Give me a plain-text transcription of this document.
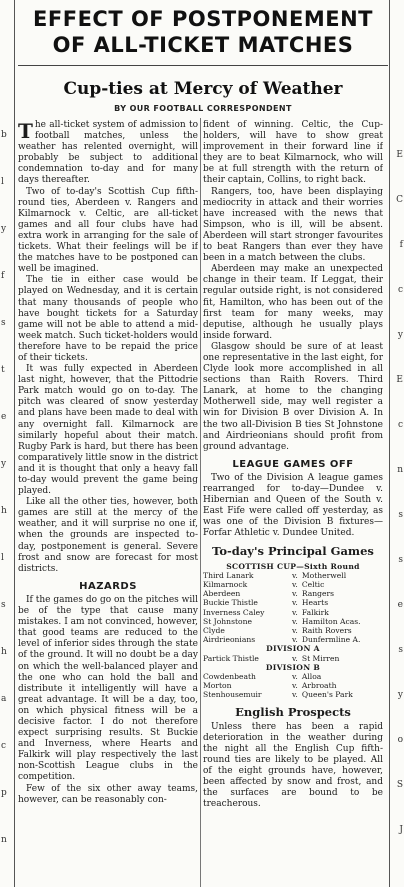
EFFECT OF POSTPONEMENT
OF ALL-TICKET MATCHES
Cup-ties at Mercy of Weather
BY OUR FOOTBALL CORRESPONDENT

The all-ticket system of admission to football matches, unless the weather has relented overnight, will probably be subject to additional condemnation to-day and for many days thereafter.

Two of to-day's Scottish Cup fifth-round ties, Aberdeen v. Rangers and Kilmarnock v. Celtic, are all-ticket games and all four clubs have had extra work in arranging for the sale of tickets. What their feelings will be if the matches have to be postponed can well be imagined.

The tie in either case would be played on Wednesday, and it is certain that many thousands of people who have bought tickets for a Saturday game will not be able to attend a mid-week match. Such ticket-holders would therefore have to be repaid the price of their tickets.

It was fully expected in Aberdeen last night, however, that the Pittodrie Park match would go on to-day. The pitch was cleared of snow yesterday and plans have been made to deal with any overnight fall. Kilmarnock are similarly hopeful about their match. Rugby Park is hard, but there has been comparatively little snow in the district and it is thought that only a heavy fall to-day would prevent the game being played.

Like all the other ties, however, both games are still at the mercy of the weather, and it will surprise no one if, when the grounds are inspected to-day, postponement is general. Severe frost and snow are forecast for most districts.

HAZARDS

If the games do go on the pitches will be of the type that cause many mistakes. I am not convinced, however, that good teams are reduced to the level of inferior sides through the state of the ground. It will no doubt be a day on which the well-balanced player and the one who can hold the ball and distribute it intelligently will have a great advantage. It will be a day, too, on which physical fitness will be a decisive factor. I do not therefore expect surprising results. St Buckie and Inverness, where Hearts and Falkirk will play respectively the last non-Scottish League clubs in the competition.

Few of the six other away teams, however, can be reasonably con-

fident of winning. Celtic, the Cup-holders, will have to show great improvement in their forward line if they are to beat Kilmarnock, who will be at full strength with the return of their captain, Collins, to right back.

Rangers, too, have been displaying mediocrity in attack and their worries have increased with the news that Simpson, who is ill, will be absent. Aberdeen will start stronger favourites to beat Rangers than ever they have been in a match between the clubs.

Aberdeen may make an unexpected change in their team. If Leggat, their regular outside right, is not considered fit, Hamilton, who has been out of the first team for many weeks, may deputise, although he usually plays inside forward.

Glasgow should be sure of at least one representative in the last eight, for Clyde look more accomplished in all sections than Raith Rovers. Third Lanark, at home to the changing Motherwell side, may well register a win for Division B over Division A. In the two all-Division B ties St Johnstone and Airdrieonians should profit from ground advantage.

LEAGUE GAMES OFF

Two of the Division A league games rearranged for to-day—Dundee v. Hibernian and Queen of the South v. East Fife were called off yesterday, as was one of the Division B fixtures—Forfar Athletic v. Dundee United.

To-day's Principal Games
SCOTTISH CUP—Sixth Round		
Third Lanark	v.	Motherwell
Kilmarnock	v.	Celtic
Aberdeen	v.	Rangers
Buckie Thistle	v.	Hearts
Inverness Caley	v.	Falkirk
St Johnstone	v.	Hamilton Acas.
Clyde	v.	Raith Rovers
Airdrieonians	v.	Dunfermline A.
DIVISION A		
Partick Thistle	v.	St Mirren
DIVISION B		
Cowdenbeath	v.	Alloa
Morton	v.	Arbroath
Stenhousemuir	v.	Queen's Park
English Prospects

Unless there has been a rapid deterioration in the weather during the night all the English Cup fifth-round ties are likely to be played. All of the eight grounds have, however, been affected by snow and frost, and the surfaces are bound to be treacherous.

b
l
y
f
s
t
e
y
h
l
s
h
a
c
p
n
E
C
f
c
y
E
c
n
s
s
e
s
y
o
S
J
